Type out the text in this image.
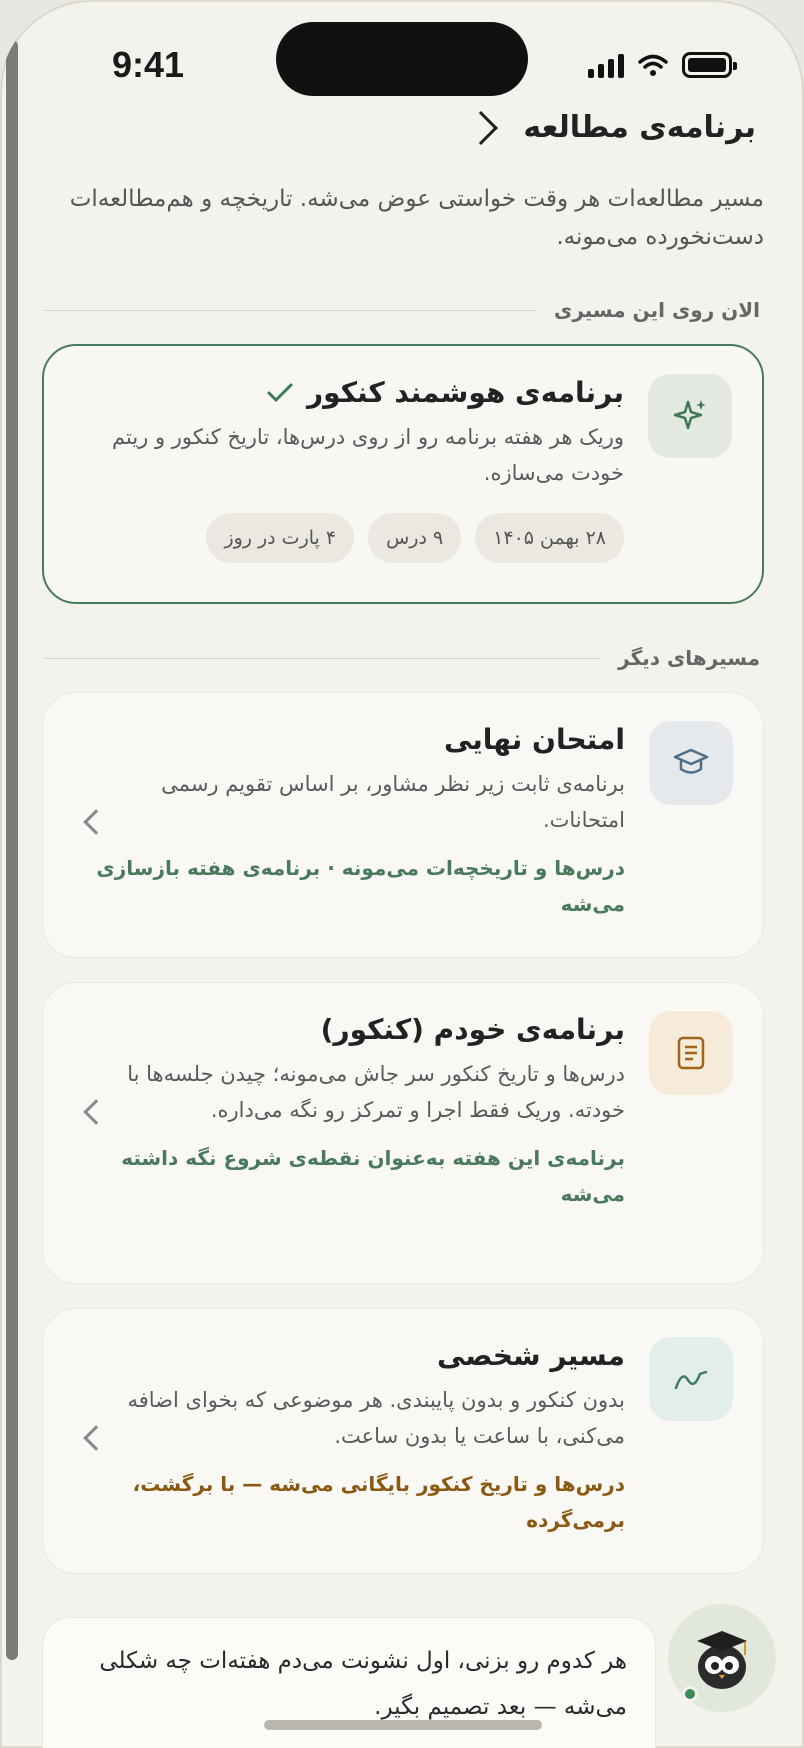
9:41
برنامه‌ی مطالعه

مسیر مطالعه‌ات هر وقت خواستی عوض می‌شه. تاریخچه و هم‌مطالعه‌ات دست‌نخورده می‌مونه.

الان روی این مسیری
برنامه‌ی هوشمند کنکور

وریک هر هفته برنامه رو از روی درس‌ها، تاریخ کنکور و ریتم خودت می‌سازه.

۲۸ بهمن ۱۴۰۵
۹ درس
۴ پارت در روز
مسیرهای دیگر
امتحان نهایی

برنامه‌ی ثابت زیر نظر مشاور، بر اساس تقویم رسمی امتحانات.

درس‌ها و تاریخچه‌ات می‌مونه · برنامه‌ی هفته بازسازی می‌شه

برنامه‌ی خودم (کنکور)

درس‌ها و تاریخ کنکور سر جاش می‌مونه؛ چیدن جلسه‌ها با خودته. وریک فقط اجرا و تمرکز رو نگه می‌داره.

برنامه‌ی این هفته به‌عنوان نقطه‌ی شروع نگه داشته می‌شه

مسیر شخصی

بدون کنکور و بدون پایبندی. هر موضوعی که بخوای اضافه می‌کنی، با ساعت یا بدون ساعت.

درس‌ها و تاریخ کنکور بایگانی می‌شه — با برگشت، برمی‌گرده

هر کدوم رو بزنی، اول نشونت می‌دم هفته‌ات چه شکلی می‌شه — بعد تصمیم بگیر.
